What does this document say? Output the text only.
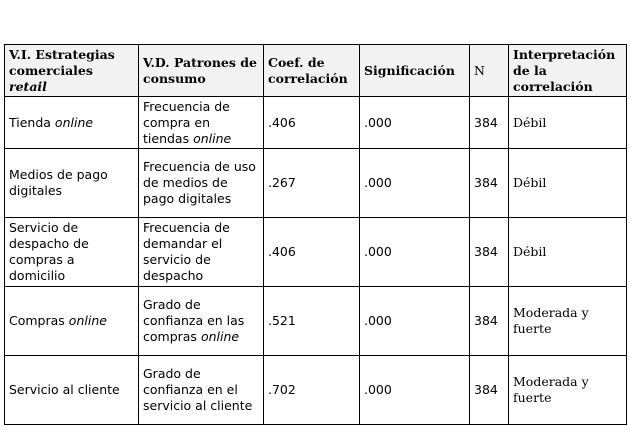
V.I. Estrategias comerciales retail	V.D. Patrones de consumo	Coef. de correlación	Significación	N	Interpretación de la correlación
Tienda online	Frecuencia de compra en tiendas online	.406	.000	384	Débil
Medios de pago digitales	Frecuencia de uso de medios de pago digitales	.267	.000	384	Débil
Servicio de despacho de compras a domicilio	Frecuencia de demandar el servicio de despacho	.406	.000	384	Débil
Compras online	Grado de confianza en las compras online	.521	.000	384	Moderada y fuerte
Servicio al cliente	Grado de confianza en el servicio al cliente	.702	.000	384	Moderada y fuerte
